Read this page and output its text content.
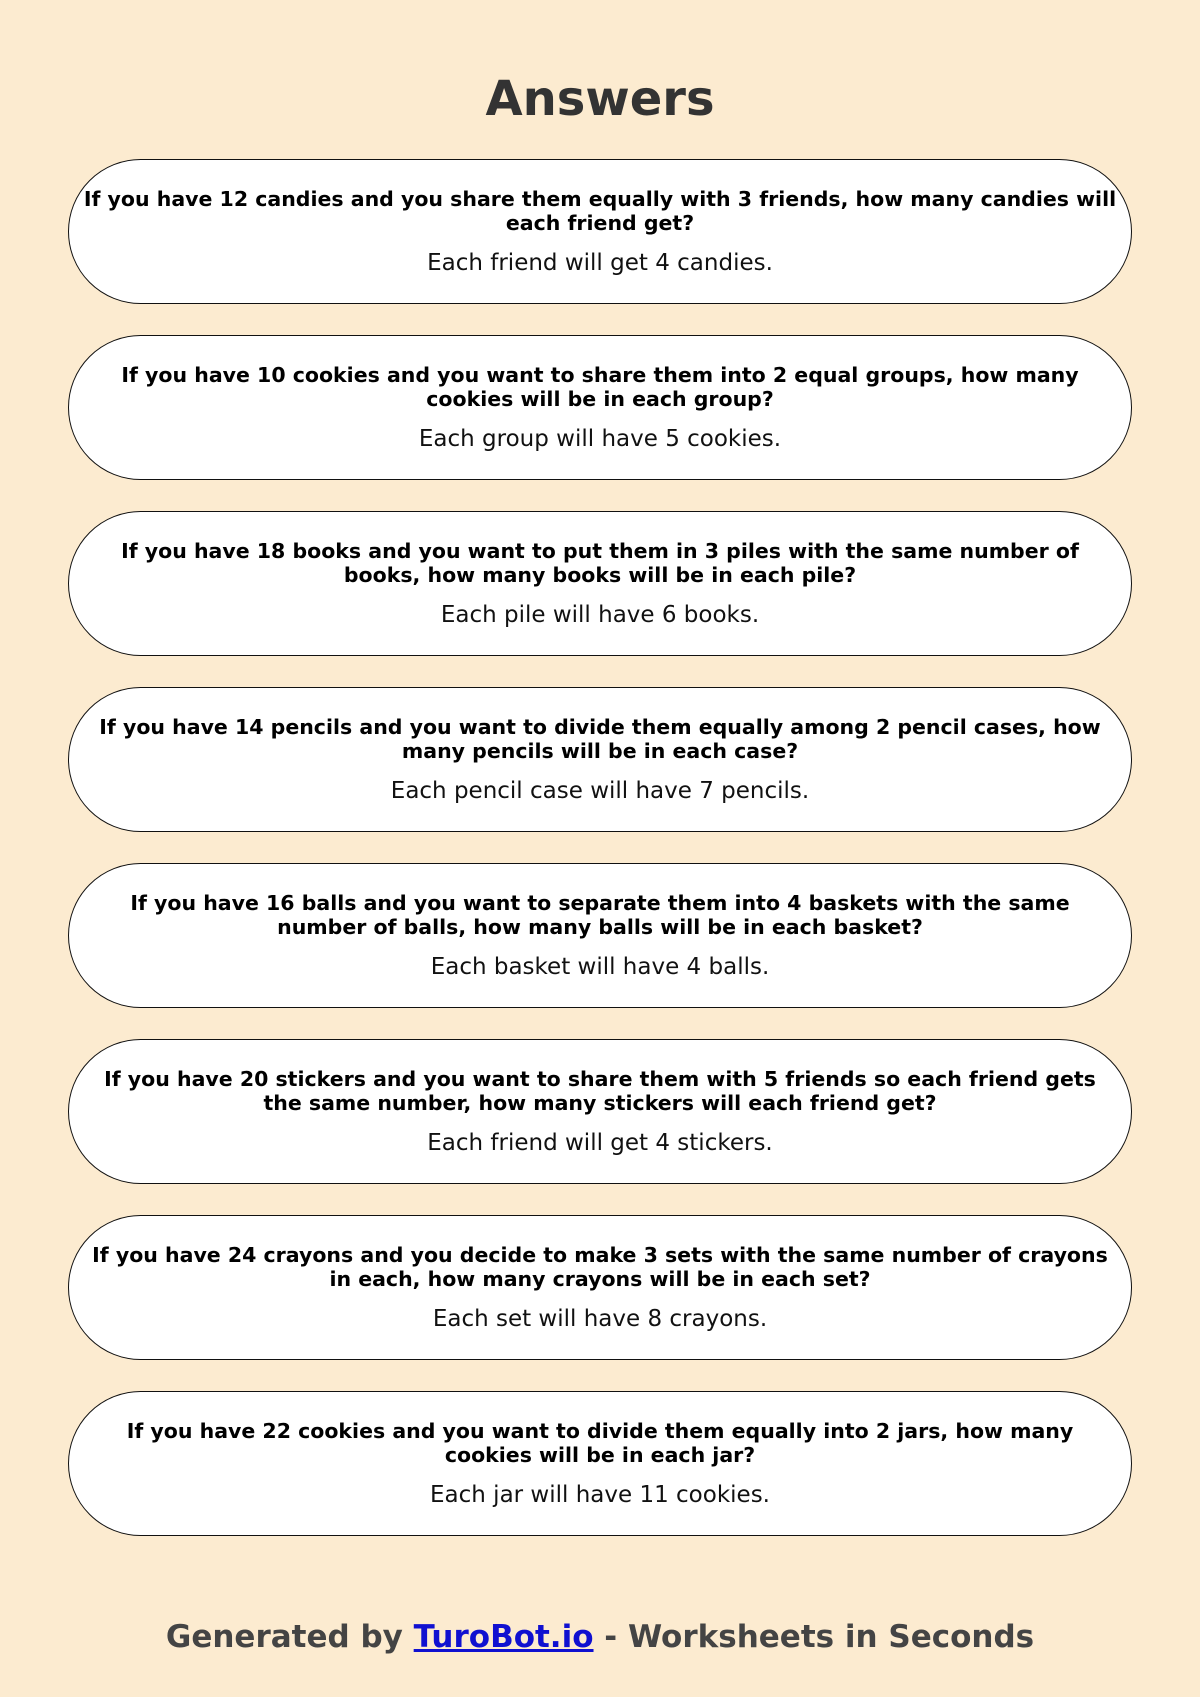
Answers

If you have 12 candies and you share them equally with 3 friends, how many candies will each friend get?

Each friend will get 4 candies.

If you have 10 cookies and you want to share them into 2 equal groups, how many cookies will be in each group?

Each group will have 5 cookies.

If you have 18 books and you want to put them in 3 piles with the same number of books, how many books will be in each pile?

Each pile will have 6 books.

If you have 14 pencils and you want to divide them equally among 2 pencil cases, how many pencils will be in each case?

Each pencil case will have 7 pencils.

If you have 16 balls and you want to separate them into 4 baskets with the same number of balls, how many balls will be in each basket?

Each basket will have 4 balls.

If you have 20 stickers and you want to share them with 5 friends so each friend gets the same number, how many stickers will each friend get?

Each friend will get 4 stickers.

If you have 24 crayons and you decide to make 3 sets with the same number of crayons in each, how many crayons will be in each set?

Each set will have 8 crayons.

If you have 22 cookies and you want to divide them equally into 2 jars, how many cookies will be in each jar?

Each jar will have 11 cookies.

Generated by TuroBot.io - Worksheets in Seconds
